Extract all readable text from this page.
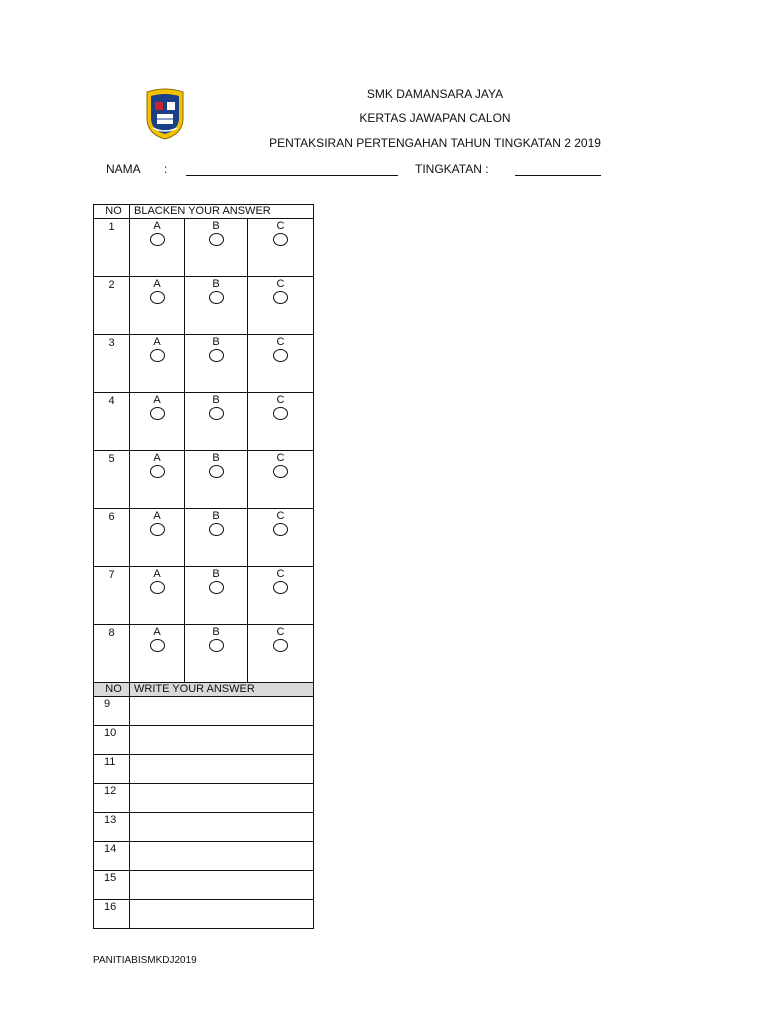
SMK DAMANSARA JAYA
KERTAS JAWAPAN CALON
PENTAKSIRAN PERTENGAHAN TAHUN TINGKATAN 2 2019
NAMA :	TINGKATAN :
NO	BLACKEN YOUR ANSWER		
1	A	B	C

2	A	B	C

3	A	B	C

4	A	B	C

5	A	B	C

6	A	B	C

7	A	B	C

8	A	B	C

NO	WRITE YOUR ANSWER		
9			
10			
11			
12			
13			
14			
15			
16			
PANITIABISMKDJ2019
